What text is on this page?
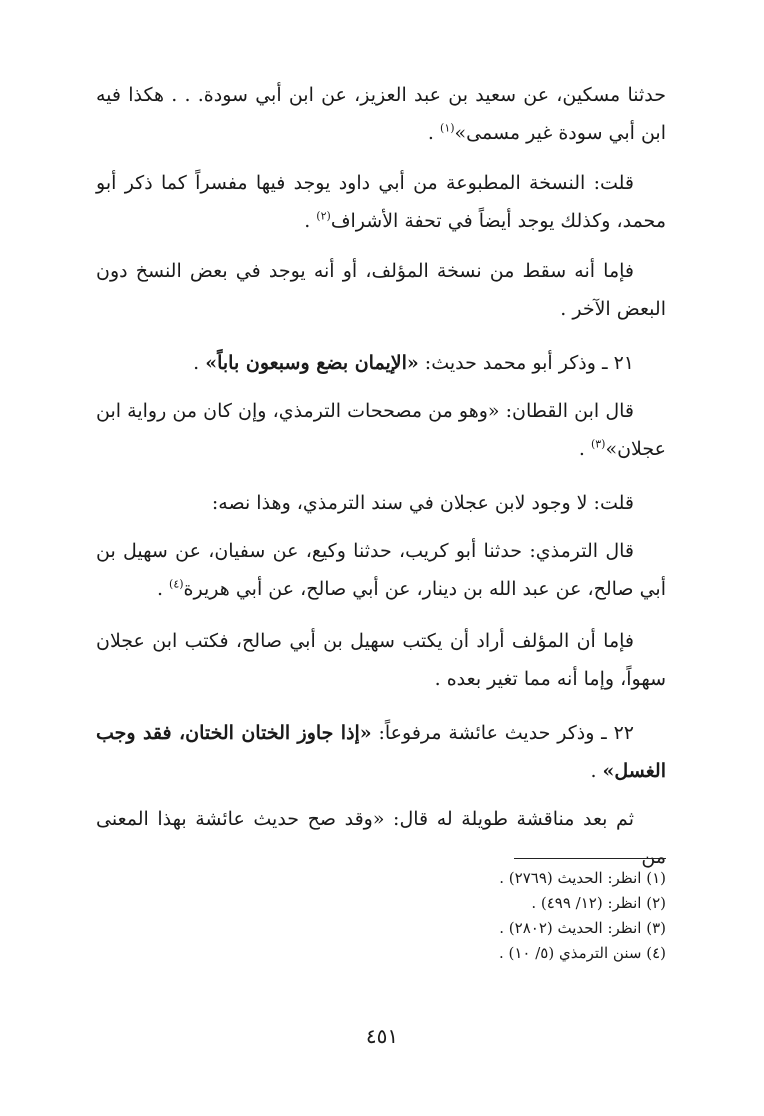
حدثنا مسكين، عن سعيد بن عبد العزيز، عن ابن أبي سودة. . . هكذا فيه ابن أبي سودة غير مسمى»$^{(١)}$ .

قلت: النسخة المطبوعة من أبي داود يوجد فيها مفسراً كما ذكر أبو محمد، وكذلك يوجد أيضاً في تحفة الأشراف$^{(٢)}$ .

فإما أنه سقط من نسخة المؤلف، أو أنه يوجد في بعض النسخ دون البعض الآخر .

٢١ ـ وذكر أبو محمد حديث: «الإيمان بضع وسبعون باباً» .

قال ابن القطان: «وهو من مصححات الترمذي، وإن كان من رواية ابن عجلان»$^{(٣)}$ .

قلت: لا وجود لابن عجلان في سند الترمذي، وهذا نصه:

قال الترمذي: حدثنا أبو كريب، حدثنا وكيع، عن سفيان، عن سهيل بن أبي صالح، عن عبد الله بن دينار، عن أبي صالح، عن أبي هريرة$^{(٤)}$ .

فإما أن المؤلف أراد أن يكتب سهيل بن أبي صالح، فكتب ابن عجلان سهواً، وإما أنه مما تغير بعده .

٢٢ ـ وذكر حديث عائشة مرفوعاً: «إذا جاوز الختان الختان، فقد وجب الغسل» .

ثم بعد مناقشة طويلة له قال: «وقد صح حديث عائشة بهذا المعنى من

(١) انظر: الحديث (٢٧٦٩) .

(٢) انظر: (١٢/ ٤٩٩) .

(٣) انظر: الحديث (٢٨٠٢) .

(٤) سنن الترمذي (٥/ ١٠) .

٤٥١
